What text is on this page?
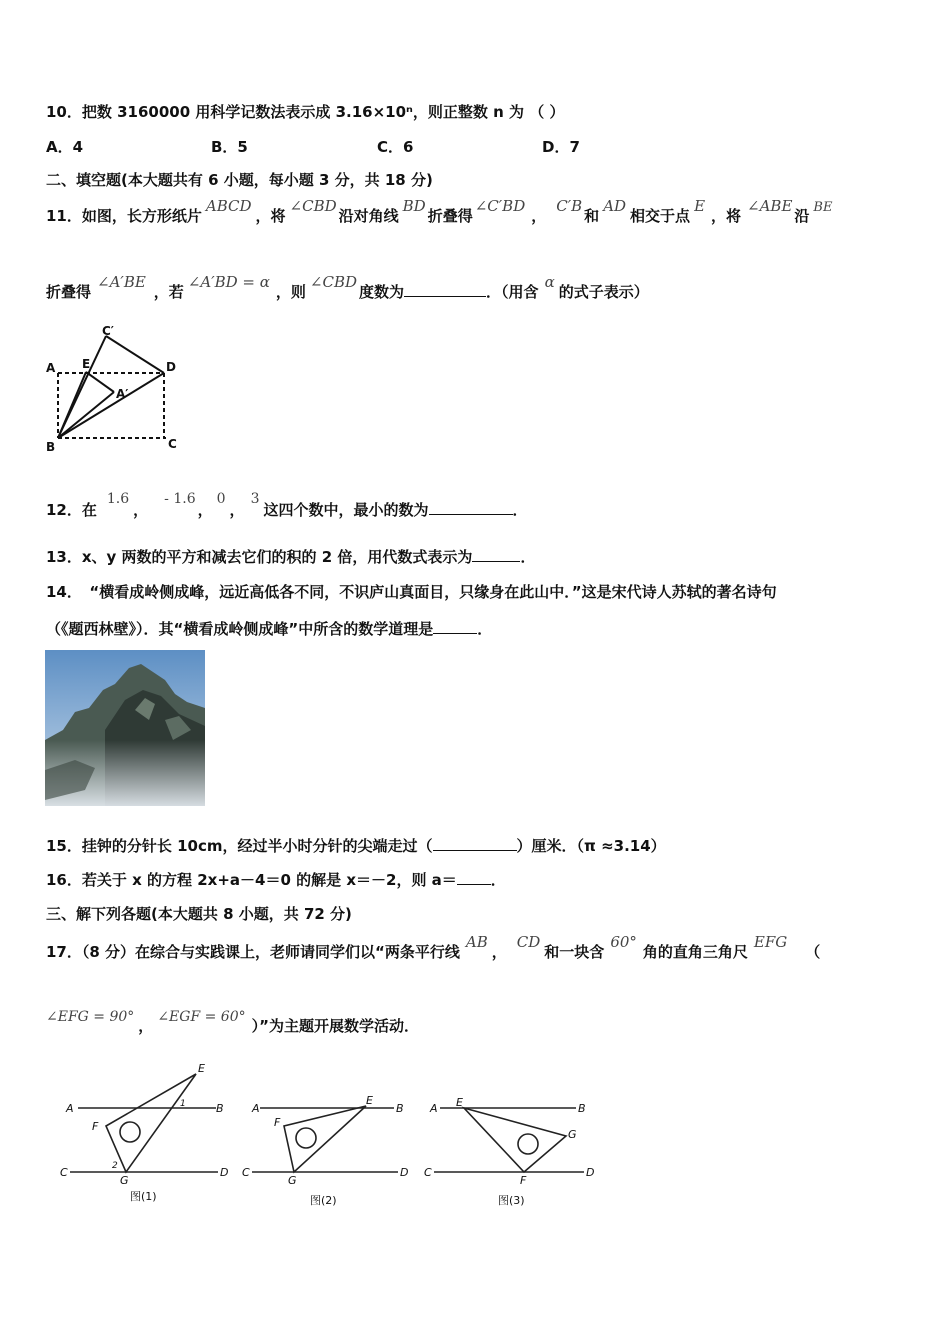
10．把数 3160000 用科学记数法表示成 3.16×10ⁿ，则正整数 n 为 （ ）
A．4	B．5	C．6	D．7
二、填空题(本大题共有 6 小题，每小题 3 分，共 18 分)
11．如图，长方形纸片ABCD，将∠CBD沿对角线BD折叠得∠C′BD，C′B和AD相交于点E，将∠ABE沿 BE
折叠得∠A′BE，若∠A′BD = α，则∠CBD度数为	．（用含α的式子表示）
C′
A E	D
A′
B	C
12．在1.6，- 1.6，0，3这四个数中，最小的数为	．
13．x、y 两数的平方和减去它们的积的 2 倍，用代数式表示为	．
14．　“横看成岭侧成峰，远近高低各不同，不识庐山真面目，只缘身在此山中．”这是宋代诗人苏轼的著名诗句
（《题西林壁》）．其“横看成岭侧成峰”中所含的数学道理是	．
15．挂钟的分针长 10cm，经过半小时分针的尖端走过（	）厘米．（π ≈3.14）
16．若关于 x 的方程 2x+a－4＝0 的解是 x＝－2，则 a＝ ．
三、解下列各题(本大题共 8 小题，共 72 分)
17．（8 分）在综合与实践课上，老师请同学们以“两条平行线AB，CD和一块含60°角的直角三角尺EFG（
∠EFG = 90° ， ∠EGF = 60° ）”为主题开展数学活动．
A	B
C	D
E
F
G
1
2
A	B
C	D
E
F
G
A	B
C	D
E
F
G
图(1)	图(2)	图(3)
